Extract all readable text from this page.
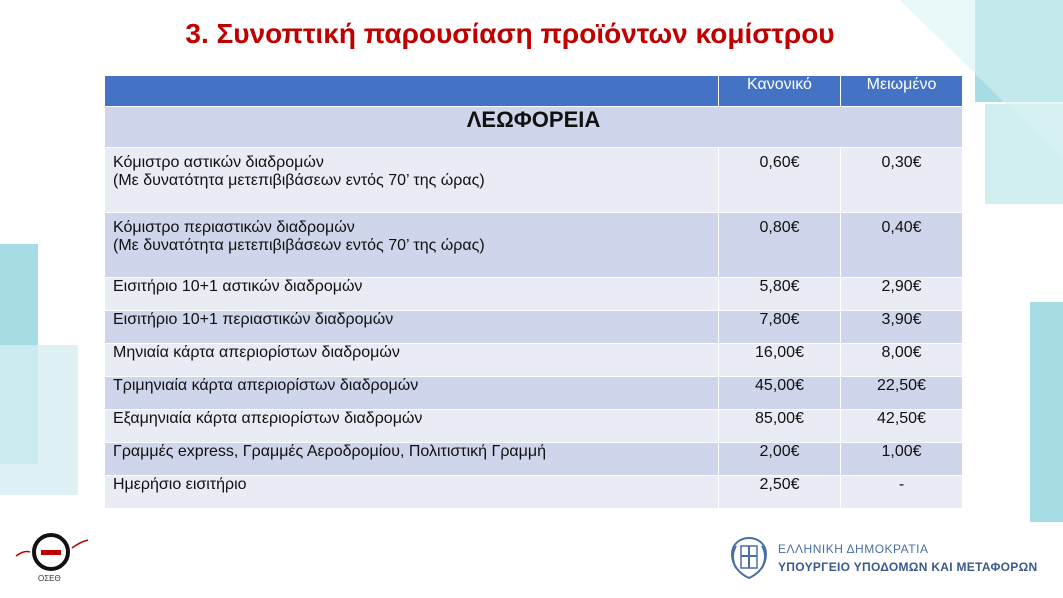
3. Συνοπτική παρουσίαση προϊόντων κομίστρου
	Κανονικό	Μειωμένο
ΛΕΩΦΟΡΕΙΑ		

Κόμιστρο αστικών διαδρομών
(Με δυνατότητα μετεπιβιβάσεων εντός 70’ της ώρας)	0,60€	0,30€

Κόμιστρο περιαστικών διαδρομών
(Με δυνατότητα μετεπιβιβάσεων εντός 70’ της ώρας)	0,80€	0,40€
Εισιτήριο 10+1 αστικών διαδρομών	5,80€	2,90€
Εισιτήριο 10+1 περιαστικών διαδρομών	7,80€	3,90€
Μηνιαία κάρτα απεριορίστων διαδρομών	16,00€	8,00€
Τριμηνιαία κάρτα απεριορίστων διαδρομών	45,00€	22,50€
Εξαμηνιαία κάρτα απεριορίστων διαδρομών	85,00€	42,50€
Γραμμές express, Γραμμές Αεροδρομίου, Πολιτιστική Γραμμή	2,00€	1,00€
Ημερήσιο εισιτήριο	2,50€	-
ΟΣΕΘ
ΕΛΛΗΝΙΚΗ ΔΗΜΟΚΡΑΤΙΑ
ΥΠΟΥΡΓΕΙΟ ΥΠΟΔΟΜΩΝ ΚΑΙ ΜΕΤΑΦΟΡΩΝ
